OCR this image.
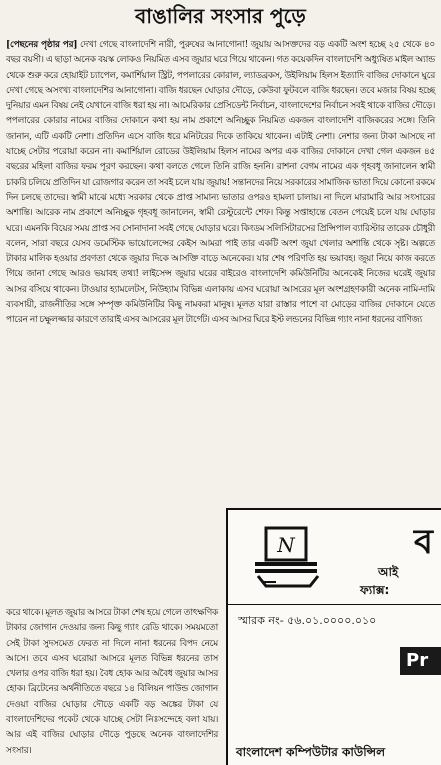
বাঙালির সংসার পুড়ে

[পেছনের পৃষ্ঠার পর] দেখা গেছে বাংলাদেশি নারী, পুরুষের আনাগোনা! জুয়ায় আসক্তদের বড় একটি অংশ হচ্ছে ২৫ থেকে ৪০ বছর বয়সী। এ ছাড়া অনেক বয়স্ক লোকও নিয়মিত এসব জুয়ার ঘরে গিয়ে থাকেন। গত কয়েকদিন বাংলাদেশি অধ্যুষিত মাইল অ্যান্ড থেকে শুরু করে হোয়াইট চ্যাপেল, কমার্শিয়াল স্ট্রিট, পপলারের কোরাল, ল্যাডব্রকস, উইলিয়াম হিলস ইত্যাদি বাজির দোকানে ঘুরে দেখা গেছে অসংখ্য বাংলাদেশির আনাগোনা। বাজি ধরছেন ঘোড়ার দৌড়ে, কেউবা ফুটবলে বাজি ধরছেন। তবে মজার বিষয় হচ্ছে দুনিয়ার এমন বিষয় নেই যেখানে বাজি ধরা হয় না। আমেরিকার প্রেসিডেন্ট নির্বাচন, বাংলাদেশের নির্বাচন সবই থাকে বাজির দৌড়ে। পপলারের কোরার নামের বাজির দোকানে কথা হয় নাম প্রকাশে অনিচ্ছুক নিয়মিত একজন বাংলাদেশি বাজিকরের সঙ্গে। তিনি জানান, এটি একটি নেশা। প্রতিদিন এসে বাজি ধরে মনিটরের দিকে তাকিয়ে থাকেন। এটাই নেশা। নেশার জন্য টাকা আসছে না যাচ্ছে সেটার পরোয়া করেন না। কমার্শিয়াল রোডের উইলিয়াম হিলস নামের অপর এক বাজির দোকানে দেখা গেল একজন ৪৫ বছরের মহিলা বাজির ফরম পূরণ করছেন। কথা বলতে গেলে তিনি রাজি হননি। রাশনা বেগম নামের এক গৃহবধূ জানালেন স্বামী চাকরি চলিয়ে প্রতিদিন যা রোজগার করেন তা সবই চলে যায় জুয়ায়! সন্তানদের নিয়ে সরকারের সামাজিক ভাতা দিয়ে কোনো রকমে দিন চলছে তাদের। স্বামী মাঝে মধ্যে সরকার থেকে প্রাপ্ত সামান্য ভাতার ওপরও হামলা চালায়। না দিলে মারামারি আর সংসারের অশান্তি। আরেক নাম প্রকাশে অনিচ্ছুক গৃহবধূ জানালেন, স্বামী রেস্টুরেন্টে শেফ। কিন্তু সপ্তাহান্তে বেতন পেয়েই চলে যায় ঘোড়ার ঘরে। এমনকি বিয়ের সময় প্রাপ্ত সব সোনাদানা সবই গেছে ঘোড়ার ঘরে। কিংডম সলিসিটারসের প্রিন্সিপাল ব্যারিস্টার তারেক চৌধুরী বলেন, সারা বছরে যেসব ডমেস্টিক ভায়োলেন্সের কেইস আমরা পাই তার একটি অংশ জুয়া খেলার অশান্তি থেকে সৃষ্ট। অল্পতে টাকার মালিক হওয়ার প্রবণতা থেকে জুয়ার দিকে আসক্তি বাড়ে অনেকের। যার শেষ পরিণতি হয় ভয়াবহ। জুয়া নিয়ে কাজ করতে গিয়ে জানা গেছে আরও ভয়াবহ তথ্য! লাইসেন্স জুয়ার ঘরের বাইরেও বাংলাদেশি কমিউনিটির অনেকেই নিজের ঘরেই জুয়ার আসর বসিয়ে থাকেন। টাওয়ার হ্যামলেটস, নিউহ্যাম বিভিন্ন এলাকায় এসব ঘরোয়া আসরের মূল অংশগ্রহণকারী অনেক নামি-দামি ব্যবসায়ী, রাজনীতির সঙ্গে সম্পৃক্ত কমিউনিটির কিছু নামকরা মানুষ। মূলত যারা রাস্তার পাশে বা মোড়ের বাজির দোকানে যেতে পারেন না চক্ষুলজ্জার কারণে তারাই এসব আসরের মূল টার্গেট। এসব আসর ঘিরে ইস্ট লন্ডনের বিভিন্ন গ্যাং নানা ধরনের বাণিজ্য

করে থাকে। মূলত জুয়ার আসরে টাকা শেষ হয়ে গেলে তাৎক্ষণিক টাকার জোগান দেওয়ার জন্য কিছু গ্যাং রেডি থাকে। সময়মতো সেই টাকা সুদসমেত ফেরত না দিলে নানা ধরনের বিপদ নেমে আসে। তবে এসব ঘরোয়া আসরে মূলত বিভিন্ন ধরনের তাস খেলার ওপর বাজি ধরা হয়। বৈধ হোক আর অবৈধ জুয়ার আসর হোক। ব্রিটেনের অর্থনীতিতে বছরে ১৪ বিলিয়ন পাউন্ড জোগান দেওয়া বাজির ঘোড়ার দৌড়ে একটি বড় অঙ্কের টাকা যে বাংলাদেশিদের পকেট থেকে যাচ্ছে সেটা নিঃসন্দেহে বলা যায়। আর এই বাজির ঘোড়ার দৌড়ে পুড়ছে অনেক বাংলাদেশির সংসার।

N	ব
আই
ফ্যাক্স:
স্মারক নং- ৫৬.০১.০০০০.০১০
Pr
বাংলাদেশ কম্পিউটার কাউন্সিল
